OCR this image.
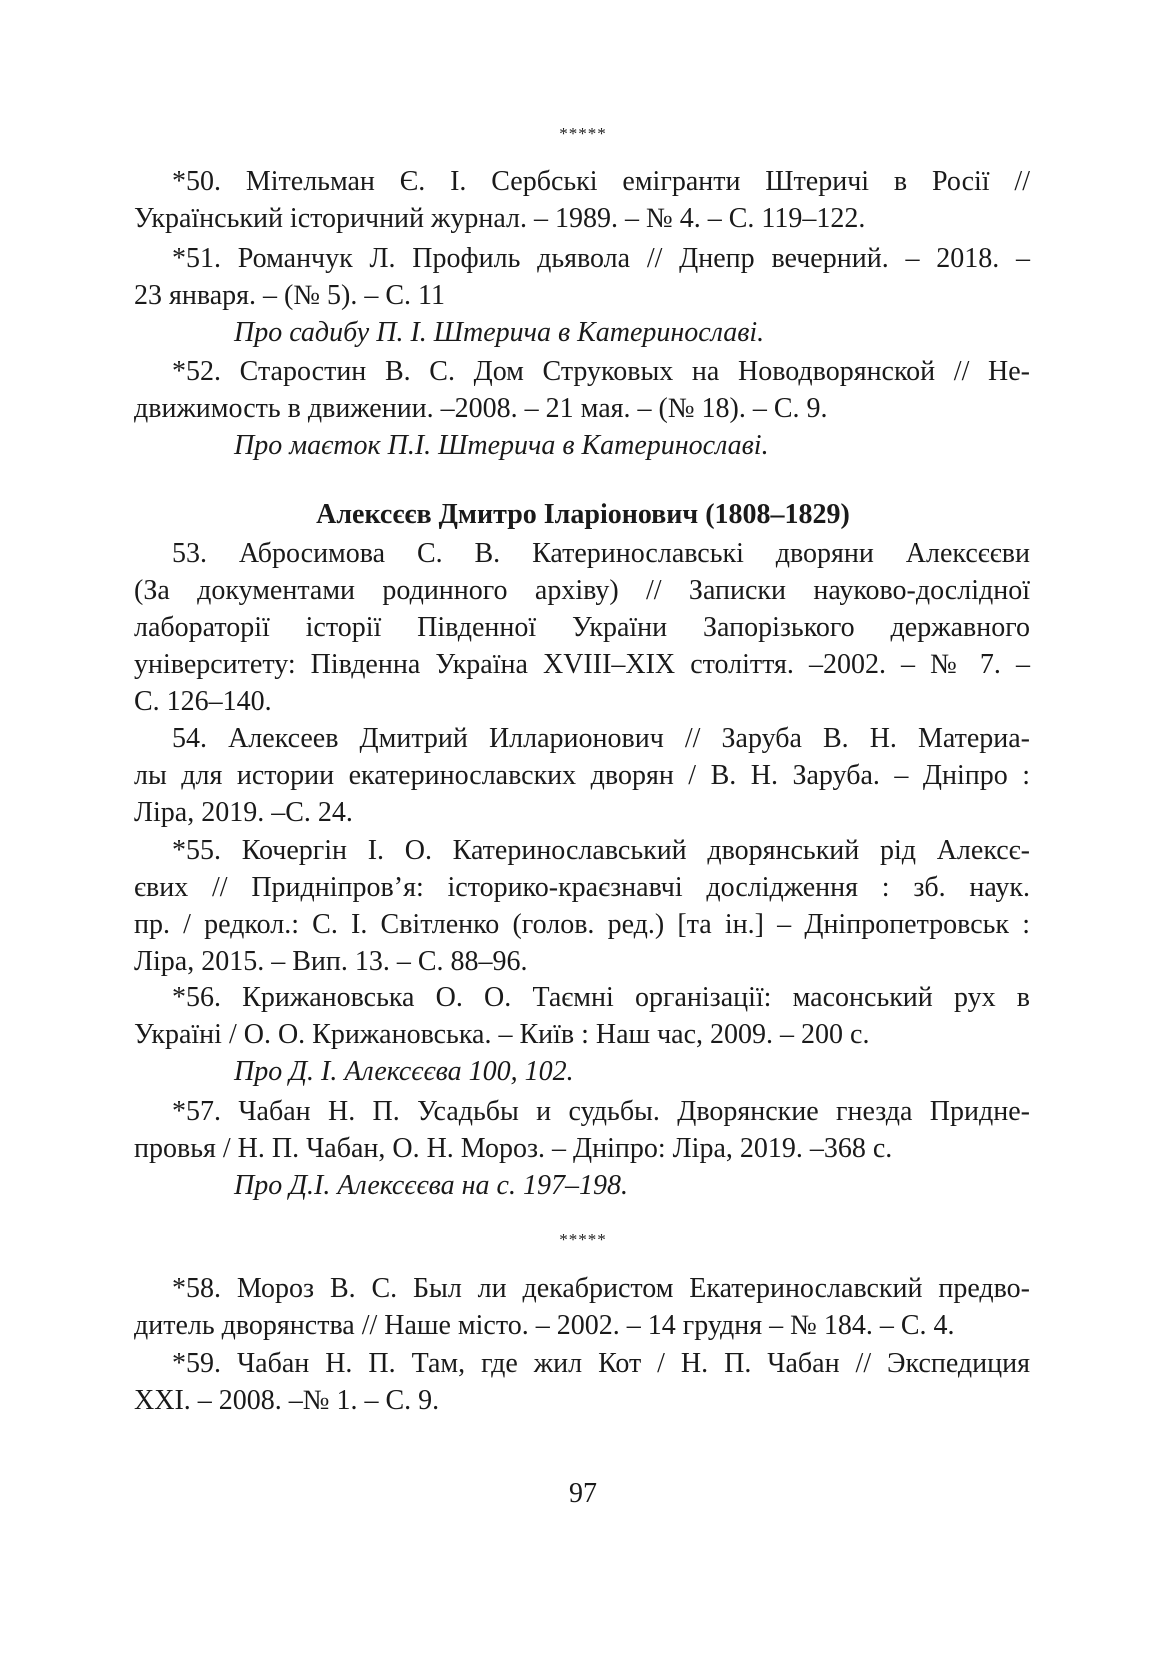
*****
*50. Мітельман Є. І. Сербські емігранти Штеричі в Росії //
Український історичний журнал. – 1989. – № 4. – С. 119–122.
*51. Романчук Л. Профиль дьявола // Днепр вечерний. – 2018. –
23 января. – (№ 5). – С. 11
Про садибу П. І. Штерича в Катеринославі.
*52. Старостин В. С. Дом Струковых на Новодворянской // Не-
движимость в движении. –2008. – 21 мая. – (№ 18). – С. 9.
Про маєток П.І. Штерича в Катеринославі.
Алексєєв Дмитро Іларіонович (1808–1829)
53. Абросимова С. В. Катеринославські дворяни Алексєєви
(За документами родинного архіву) // Записки науково-дослідної
лабораторії історії Південної України Запорізького державного
університету: Південна Україна XVIII–XIX століття. –2002. – № 7. –
С. 126–140.
54. Алексеев Дмитрий Илларионович // Заруба В. Н. Материа-
лы для истории екатеринославских дворян / В. Н. Заруба. – Дніпро :
Ліра, 2019. –С. 24.
*55. Кочергін І. О. Катеринославський дворянський рід Алексє-
євих // Придніпров’я: історико-краєзнавчі дослідження : зб. наук.
пр. / редкол.: С. І. Світленко (голов. ред.) [та ін.] – Дніпропетровськ :
Ліра, 2015. – Вип. 13. – С. 88–96.
*56. Крижановська О. О. Таємні організації: масонський рух в
Україні / О. О. Крижановська. – Київ : Наш час, 2009. – 200 с.
Про Д. І. Алексєєва 100, 102.
*57. Чабан Н. П. Усадьбы и судьбы. Дворянские гнезда Придне-
провья / Н. П. Чабан, О. Н. Мороз. – Дніпро: Ліра, 2019. –368 с.
Про Д.І. Алексєєва на с. 197–198.
*****
*58. Мороз В. С. Был ли декабристом Екатеринославский предво-
дитель дворянства // Наше місто. – 2002. – 14 грудня – № 184. – С. 4.
*59. Чабан Н. П. Там, где жил Кот / Н. П. Чабан // Экспедиция
XXI. – 2008. –№ 1. – С. 9.
97
